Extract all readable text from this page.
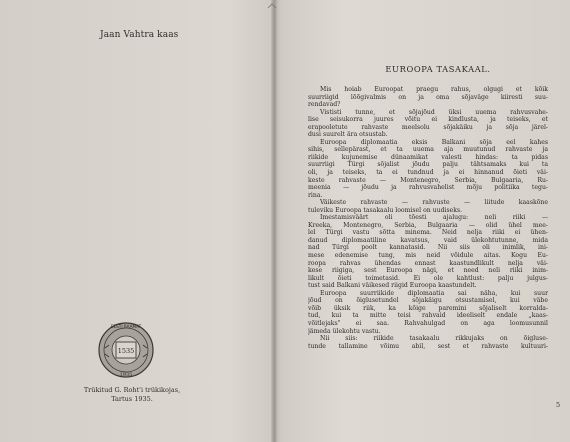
Jaan Vahtra kaas
1535
EESTI RAAMAT
1935
Trükitud G. Roht'i trükikojas,
Tartus 1935.
EUROOPA TASAKAAL.
Mis hoiab Euroopat praegu rahus, olgugi et kõik
suurriigid lõõgivalmis on ja oma sõjaväge kiiresti suu-
rendavad?
Vististi tunne, et sõjajõud üksi uuema rahvusvahe-
lise seisukorra juures võitu ei kindlusta, ja teiseks, et
erapooletute rahvaste meelsolu sõjakäiku ja sõja järel-
dusi suurelt ära otsustab.
Euroopa diplomaatia eksis Balkani sõja eel kahes
sihis, sellepärast, et ta uuema aja muutunud rahvaste ja
riikide kujunemise dünaamikat valesti hindas: ta pidas
suurriigi Türgi sõjalist jõudu palju tähtsamaks kui ta
oli, ja teiseks, ta ei tundnud ja ei hinnanud õieti väi-
keste rahvaste — Montenegro, Serbia, Bulgaaria, Ru-
meenia — jõudu ja rahvusvahelist mõju politiika tegu-
rina.
Väikeste rahvaste — rahvuste — liitude kaaskõne
tuleviku Euroopa tasakaalu loomisel on uudiseks.
Imestamisväärt oli tõesti ajalugu: neli riiki —
Kreeka, Montenegro, Serbia, Bulgaaria — olid ühel mee-
lel Türgi vastu sõtta minema. Neid nelja riiki ei ühen-
danud diplomaatiline kavatsus, vaid ülekohtutunne, mida
nad Türgi poolt kannatasid. Nii siis oli inimlik, ini-
mese edenemise tung, mis neid võidule aitas. Kogu Eu-
roopa rahvas ühendas ennast kaastundlikult nelja väi-
kese riigiga, sest Euroopa nägi, et need neli riiki inim-
likult õieti toimetasid. Ei ole kahtlust: palju julgus-
tust said Balkani väikesed riigid Euroopa kaastundelt.
Euroopa suurriikide diplomaatia sai näha, kui suur
jõud on õiglusetundel sõjakäigu otsustamisel, kui väbe
võib üksik riik, ka kõige paremini sõjaliselt korralda-
tud, kui ta mitte teisi rahvaid ideeliselt endale „kaas-
võitlejaks" ei saa. Rahvahulgad on aga loomusunnil
jämeda ülekohtu vastu.
Nii siis: riikide tasakaalu rikkujaks on õigluse-
tunde tallamine võimu abil, sest et rahvaste kultuuri-
5
